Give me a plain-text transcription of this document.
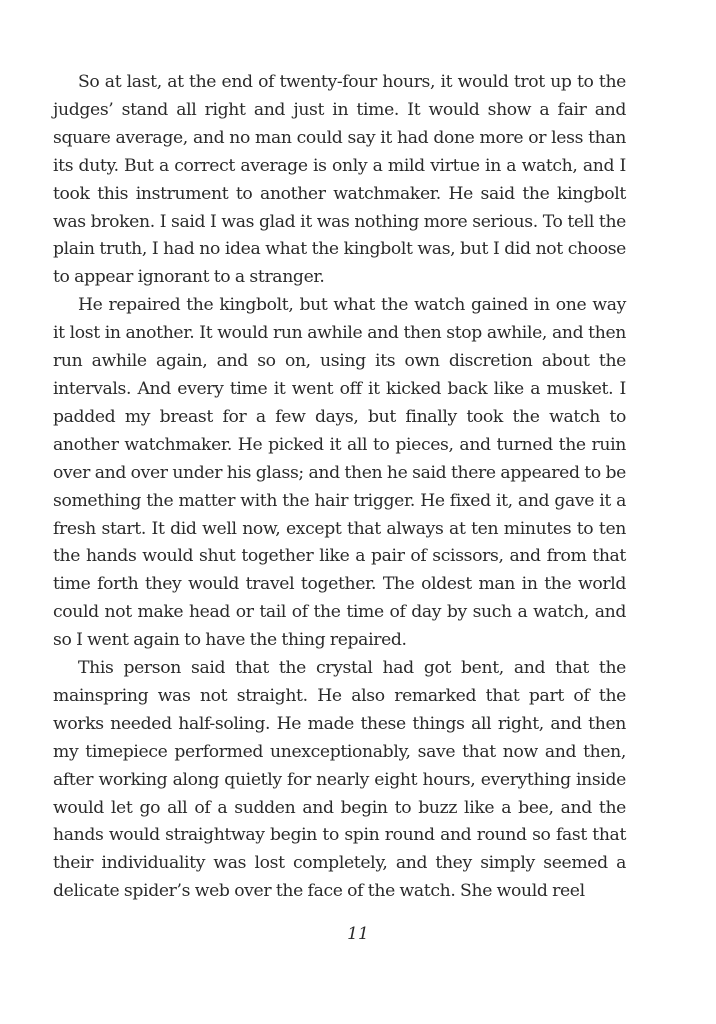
So at last, at the end of twenty-four hours, it would trot up to the judges’ stand all right and just in time. It would show a fair and square average, and no man could say it had done more or less than its duty. But a correct average is only a mild virtue in a watch, and I took this instrument to another watchmaker. He said the kingbolt was broken. I said I was glad it was nothing more serious. To tell the plain truth, I had no idea what the kingbolt was, but I did not choose to appear ignorant to a stranger.

He repaired the kingbolt, but what the watch gained in one way it lost in another. It would run awhile and then stop awhile, and then run awhile again, and so on, using its own discretion about the intervals. And every time it went off it kicked back like a musket. I padded my breast for a few days, but finally took the watch to another watchmaker. He picked it all to pieces, and turned the ruin over and over under his glass; and then he said there appeared to be something the matter with the hair trigger. He fixed it, and gave it a fresh start. It did well now, except that always at ten minutes to ten the hands would shut together like a pair of scissors, and from that time forth they would travel together. The oldest man in the world could not make head or tail of the time of day by such a watch, and so I went again to have the thing repaired.

This person said that the crystal had got bent, and that the mainspring was not straight. He also remarked that part of the works needed half-soling. He made these things all right, and then my timepiece performed unexceptionably, save that now and then, after working along quietly for nearly eight hours, everything inside would let go all of a sudden and begin to buzz like a bee, and the hands would straightway begin to spin round and round so fast that their individuality was lost completely, and they simply seemed a delicate spider’s web over the face of the watch. She would reel

11
